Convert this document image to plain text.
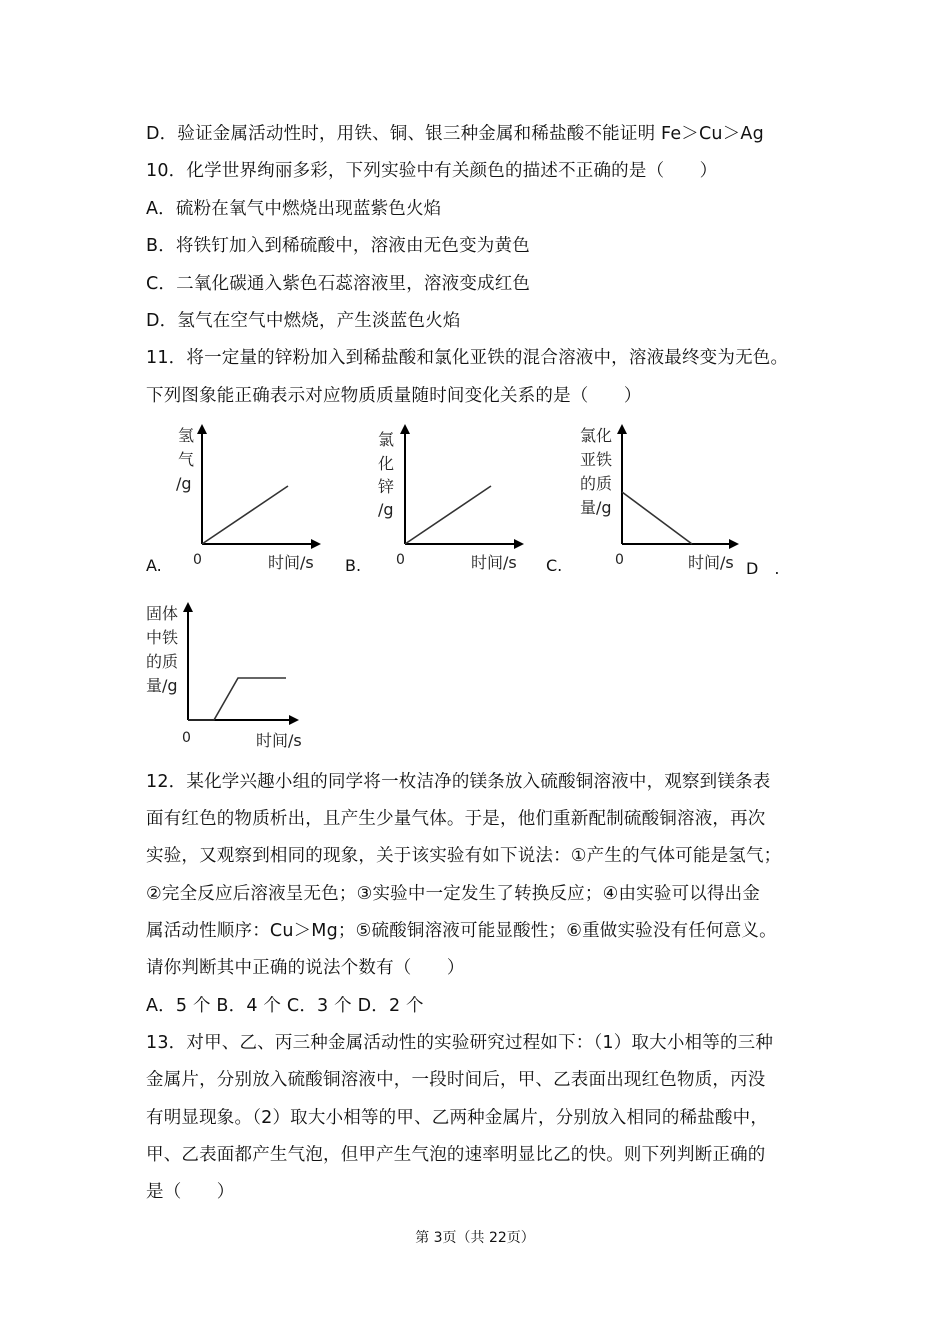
D．验证金属活动性时，用铁、铜、银三种金属和稀盐酸不能证明 Fe＞Cu＞Ag
10．化学世界绚丽多彩，下列实验中有关颜色的描述不正确的是（　　）
A．硫粉在氧气中燃烧出现蓝紫色火焰
B．将铁钉加入到稀硫酸中，溶液由无色变为黄色
C．二氧化碳通入紫色石蕊溶液里，溶液变成红色
D．氢气在空气中燃烧，产生淡蓝色火焰
11．将一定量的锌粉加入到稀盐酸和氯化亚铁的混合溶液中，溶液最终变为无色。
下列图象能正确表示对应物质质量随时间变化关系的是（　　）
A.
氢
气
/g
0	时间/s B.
氯
化
锌
/g
0	时间/s C.
氯化
亚铁
的质
量/g
0	时间/s D　.
固体
中铁
的质
量/g
0	时间/s
12．某化学兴趣小组的同学将一枚洁净的镁条放入硫酸铜溶液中，观察到镁条表
面有红色的物质析出，且产生少量气体。于是，他们重新配制硫酸铜溶液，再次
实验，又观察到相同的现象，关于该实验有如下说法：①产生的气体可能是氢气；
②完全反应后溶液呈无色；③实验中一定发生了转换反应；④由实验可以得出金
属活动性顺序：Cu＞Mg；⑤硫酸铜溶液可能显酸性；⑥重做实验没有任何意义。
请你判断其中正确的说法个数有（　　）
A．5 个 B．4 个 C．3 个 D．2 个
13．对甲、乙、丙三种金属活动性的实验研究过程如下：（1）取大小相等的三种
金属片，分别放入硫酸铜溶液中，一段时间后，甲、乙表面出现红色物质，丙没
有明显现象。（2）取大小相等的甲、乙两种金属片，分别放入相同的稀盐酸中，
甲、乙表面都产生气泡，但甲产生气泡的速率明显比乙的快。则下列判断正确的
是（　　）
第 3页（共 22页）
